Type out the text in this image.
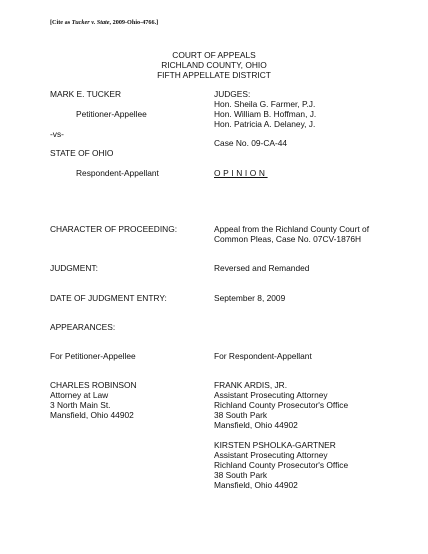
[Cite as Tucker v. State, 2009-Ohio-4766.]
COURT OF APPEALS
RICHLAND COUNTY, OHIO
FIFTH APPELLATE DISTRICT
MARK E. TUCKER
Petitioner-Appellee
-vs-
STATE OF OHIO
Respondent-Appellant
JUDGES:
Hon. Sheila G. Farmer, P.J.
Hon. William B. Hoffman, J.
Hon. Patricia A. Delaney, J.
Case No. 09-CA-44
OPINION
CHARACTER OF PROCEEDING:	Appeal from the Richland County Court of
Common Pleas, Case No. 07CV-1876H
JUDGMENT:	Reversed and Remanded
DATE OF JUDGMENT ENTRY:	September 8, 2009
APPEARANCES:
For Petitioner-Appellee	For Respondent-Appellant
CHARLES ROBINSON
Attorney at Law
3 North Main St.
Mansfield, Ohio 44902
FRANK ARDIS, JR.
Assistant Prosecuting Attorney
Richland County Prosecutor's Office
38 South Park
Mansfield, Ohio 44902
KIRSTEN PSHOLKA-GARTNER
Assistant Prosecuting Attorney
Richland County Prosecutor's Office
38 South Park
Mansfield, Ohio 44902
